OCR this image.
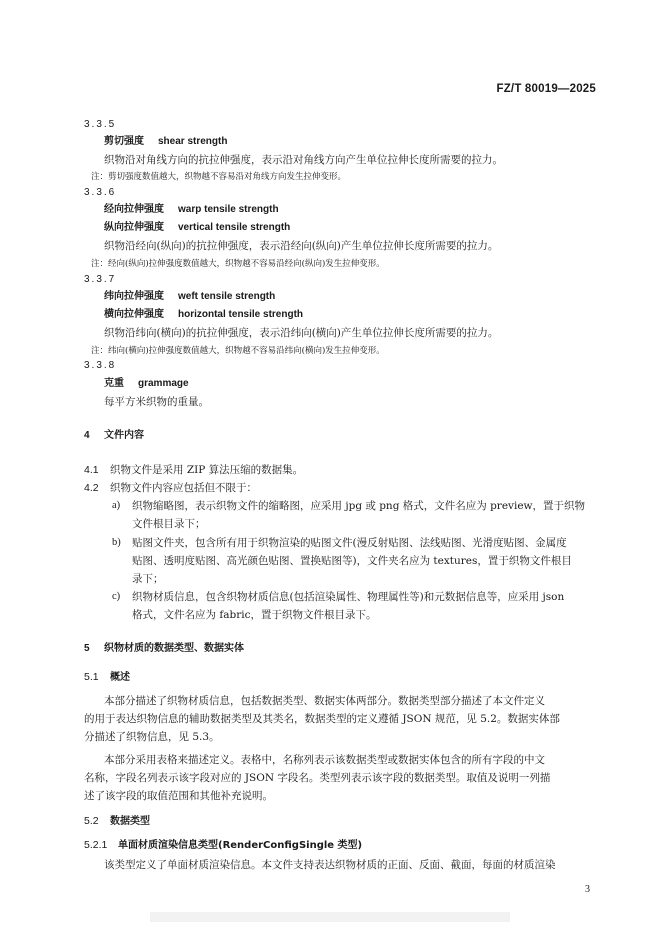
FZ/T 80019—2025
3.3.5
剪切强度 shear strength
织物沿对角线方向的抗拉伸强度，表示沿对角线方向产生单位拉伸长度所需要的拉力。
注：剪切强度数值越大，织物越不容易沿对角线方向发生拉伸变形。
3.3.6
经向拉伸强度 warp tensile strength
纵向拉伸强度 vertical tensile strength
织物沿经向(纵向)的抗拉伸强度，表示沿经向(纵向)产生单位拉伸长度所需要的拉力。
注：经向(纵向)拉伸强度数值越大，织物越不容易沿经向(纵向)发生拉伸变形。
3.3.7
纬向拉伸强度 weft tensile strength
横向拉伸强度 horizontal tensile strength
织物沿纬向(横向)的抗拉伸强度，表示沿纬向(横向)产生单位拉伸长度所需要的拉力。
注：纬向(横向)拉伸强度数值越大，织物越不容易沿纬向(横向)发生拉伸变形。
3.3.8
克重 grammage
每平方米织物的重量。
4 文件内容
4.1 织物文件是采用 ZIP 算法压缩的数据集。
4.2 织物文件内容应包括但不限于：
a) 织物缩略图，表示织物文件的缩略图，应采用 jpg 或 png 格式，文件名应为 preview，置于织物
文件根目录下；
b) 贴图文件夹，包含所有用于织物渲染的贴图文件(漫反射贴图、法线贴图、光滑度贴图、金属度
贴图、透明度贴图、高光颜色贴图、置换贴图等)，文件夹名应为 textures，置于织物文件根目
录下；
c) 织物材质信息，包含织物材质信息(包括渲染属性、物理属性等)和元数据信息等，应采用 json
格式，文件名应为 fabric，置于织物文件根目录下。
5 织物材质的数据类型、数据实体
5.1 概述
本部分描述了织物材质信息，包括数据类型、数据实体两部分。数据类型部分描述了本文件定义
的用于表达织物信息的辅助数据类型及其类名，数据类型的定义遵循 JSON 规范，见 5.2。数据实体部
分描述了织物信息，见 5.3。
本部分采用表格来描述定义。表格中，名称列表示该数据类型或数据实体包含的所有字段的中文
名称，字段名列表示该字段对应的 JSON 字段名。类型列表示该字段的数据类型。取值及说明一列描
述了该字段的取值范围和其他补充说明。
5.2 数据类型
5.2.1 单面材质渲染信息类型(RenderConfigSingle 类型)
该类型定义了单面材质渲染信息。本文件支持表达织物材质的正面、反面、截面，每面的材质渲染
3
